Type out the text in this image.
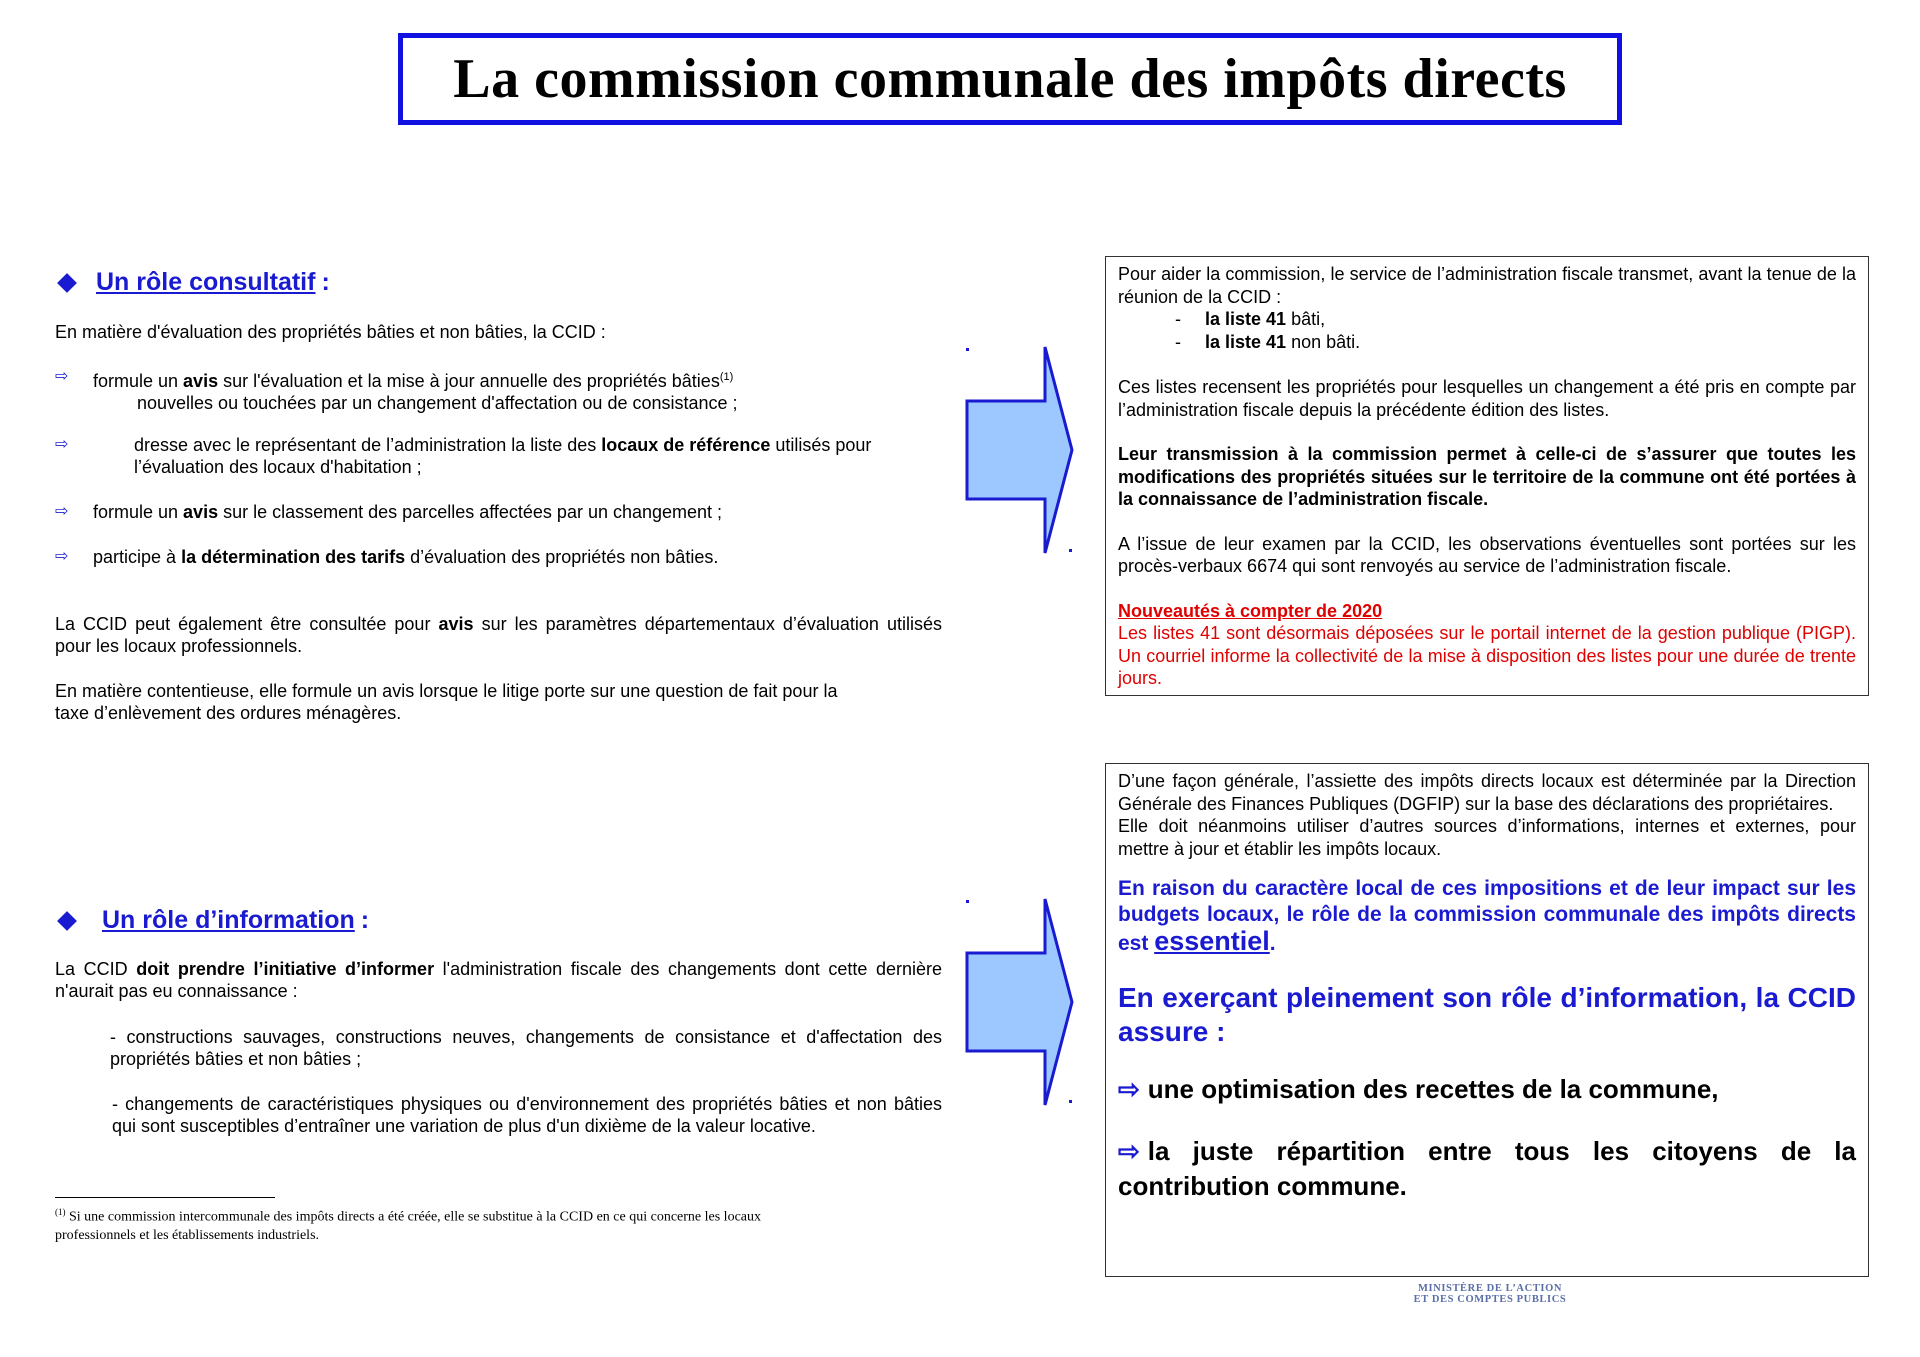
La commission communale des impôts directs
Un rôle consultatif :
En matière d'évaluation des propriétés bâties et non bâties, la CCID :
⇨	formule un avis sur l'évaluation et la mise à jour annuelle des propriétés bâties$^{(1)}$
nouvelles ou touchées par un changement d'affectation ou de consistance ;
⇨	dresse avec le représentant de l’administration la liste des locaux de référence utilisés pour
l’évaluation des locaux d'habitation ;
⇨	formule un avis sur le classement des parcelles affectées par un changement ;
⇨	participe à la détermination des tarifs d’évaluation des propriétés non bâties.
La CCID peut également être consultée pour avis sur les paramètres départementaux d’évaluation utilisés pour les locaux professionnels.
En matière contentieuse, elle formule un avis lorsque le litige porte sur une question de fait pour la
taxe d’enlèvement des ordures ménagères.
Un rôle d’information :
La CCID doit prendre l’initiative d’informer l'administration fiscale des changements dont cette dernière n'aurait pas eu connaissance :
- constructions sauvages, constructions neuves, changements de consistance et d'affectation des propriétés bâties et non bâties ;
- changements de caractéristiques physiques ou d'environnement des propriétés bâties et non bâties qui sont susceptibles d’entraîner une variation de plus d'un dixième de la valeur locative.
$^{(1)}$ Si une commission intercommunale des impôts directs a été créée, elle se substitue à la CCID en ce qui concerne les locaux professionnels et les établissements industriels.
Pour aider la commission, le service de l’administration fiscale transmet, avant la tenue de la réunion de la CCID :
- la liste 41 bâti,
- la liste 41 non bâti.
Ces listes recensent les propriétés pour lesquelles un changement a été pris en compte par l’administration fiscale depuis la précédente édition des listes.
Leur transmission à la commission permet à celle-ci de s’assurer que toutes les modifications des propriétés situées sur le territoire de la commune ont été portées à la connaissance de l’administration fiscale.
A l’issue de leur examen par la CCID, les observations éventuelles sont portées sur les procès-verbaux 6674 qui sont renvoyés au service de l’administration fiscale.
Nouveautés à compter de 2020
Les listes 41 sont désormais déposées sur le portail internet de la gestion publique (PIGP). Un courriel informe la collectivité de la mise à disposition des listes pour une durée de trente jours.
D’une façon générale, l’assiette des impôts directs locaux est déterminée par la Direction Générale des Finances Publiques (DGFIP) sur la base des déclarations des propriétaires.
Elle doit néanmoins utiliser d’autres sources d’informations, internes et externes, pour mettre à jour et établir les impôts locaux.
En raison du caractère local de ces impositions et de leur impact sur les budgets locaux, le rôle de la commission communale des impôts directs est essentiel.
En exerçant pleinement son rôle d’information, la CCID assure :
⇨ une optimisation des recettes de la commune,
⇨ la juste répartition entre tous les citoyens de la contribution commune.
MINISTÈRE DE L’ACTION
ET DES COMPTES PUBLICS
